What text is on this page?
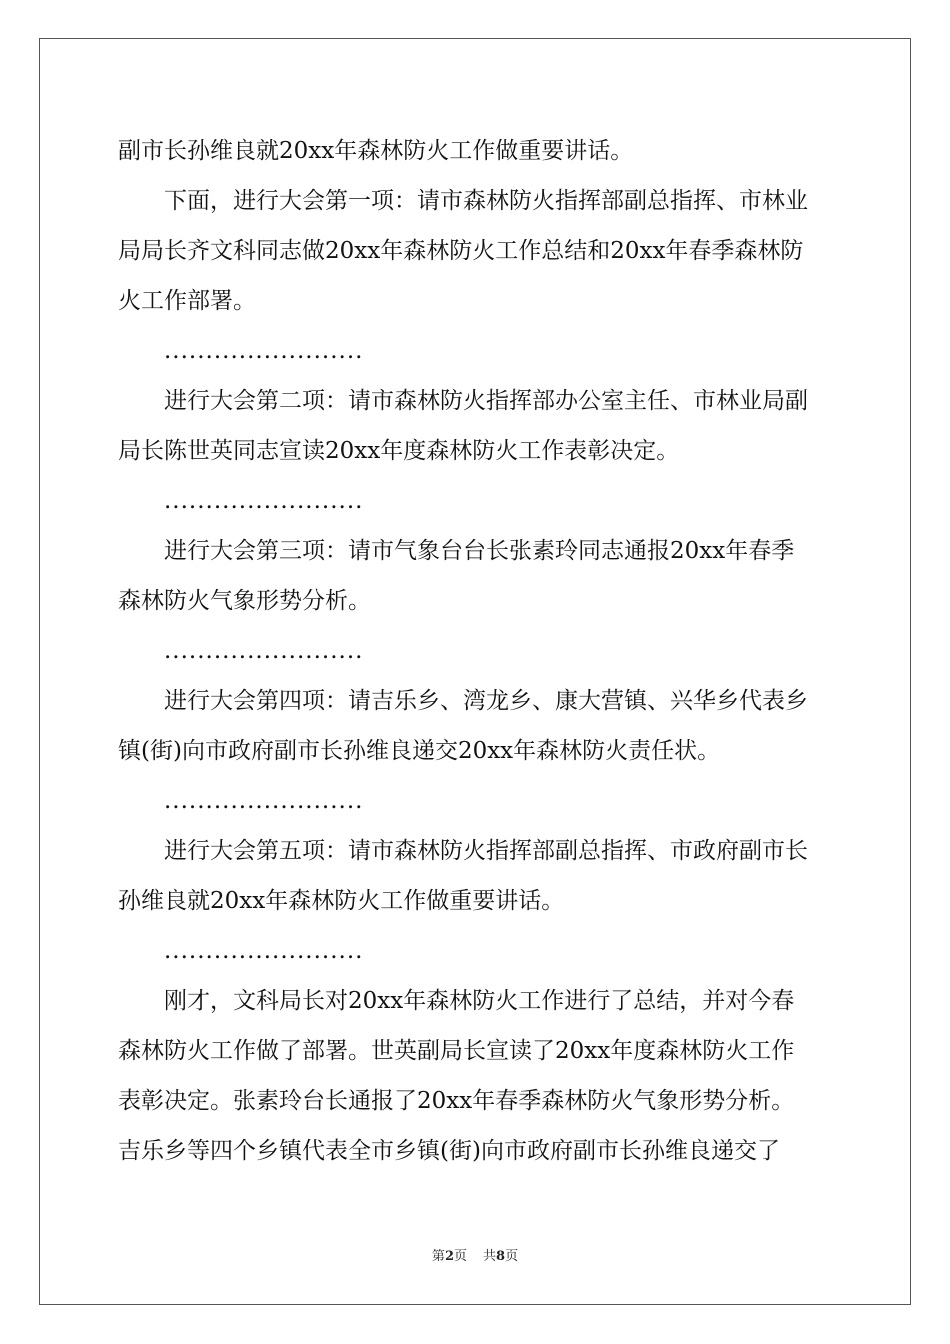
副市长孙维良就20xx年森林防火工作做重要讲话。
下面，进行大会第一项：请市森林防火指挥部副总指挥、市林业
局局长齐文科同志做20xx年森林防火工作总结和20xx年春季森林防
火工作部署。
........................
进行大会第二项：请市森林防火指挥部办公室主任、市林业局副
局长陈世英同志宣读20xx年度森林防火工作表彰决定。
........................
进行大会第三项：请市气象台台长张素玲同志通报20xx年春季
森林防火气象形势分析。
........................
进行大会第四项：请吉乐乡、湾龙乡、康大营镇、兴华乡代表乡
镇(街)向市政府副市长孙维良递交20xx年森林防火责任状。
........................
进行大会第五项：请市森林防火指挥部副总指挥、市政府副市长
孙维良就20xx年森林防火工作做重要讲话。
........................
刚才，文科局长对20xx年森林防火工作进行了总结，并对今春
森林防火工作做了部署。世英副局长宣读了20xx年度森林防火工作
表彰决定。张素玲台长通报了20xx年春季森林防火气象形势分析。
吉乐乡等四个乡镇代表全市乡镇(街)向市政府副市长孙维良递交了
第2页 共8页
